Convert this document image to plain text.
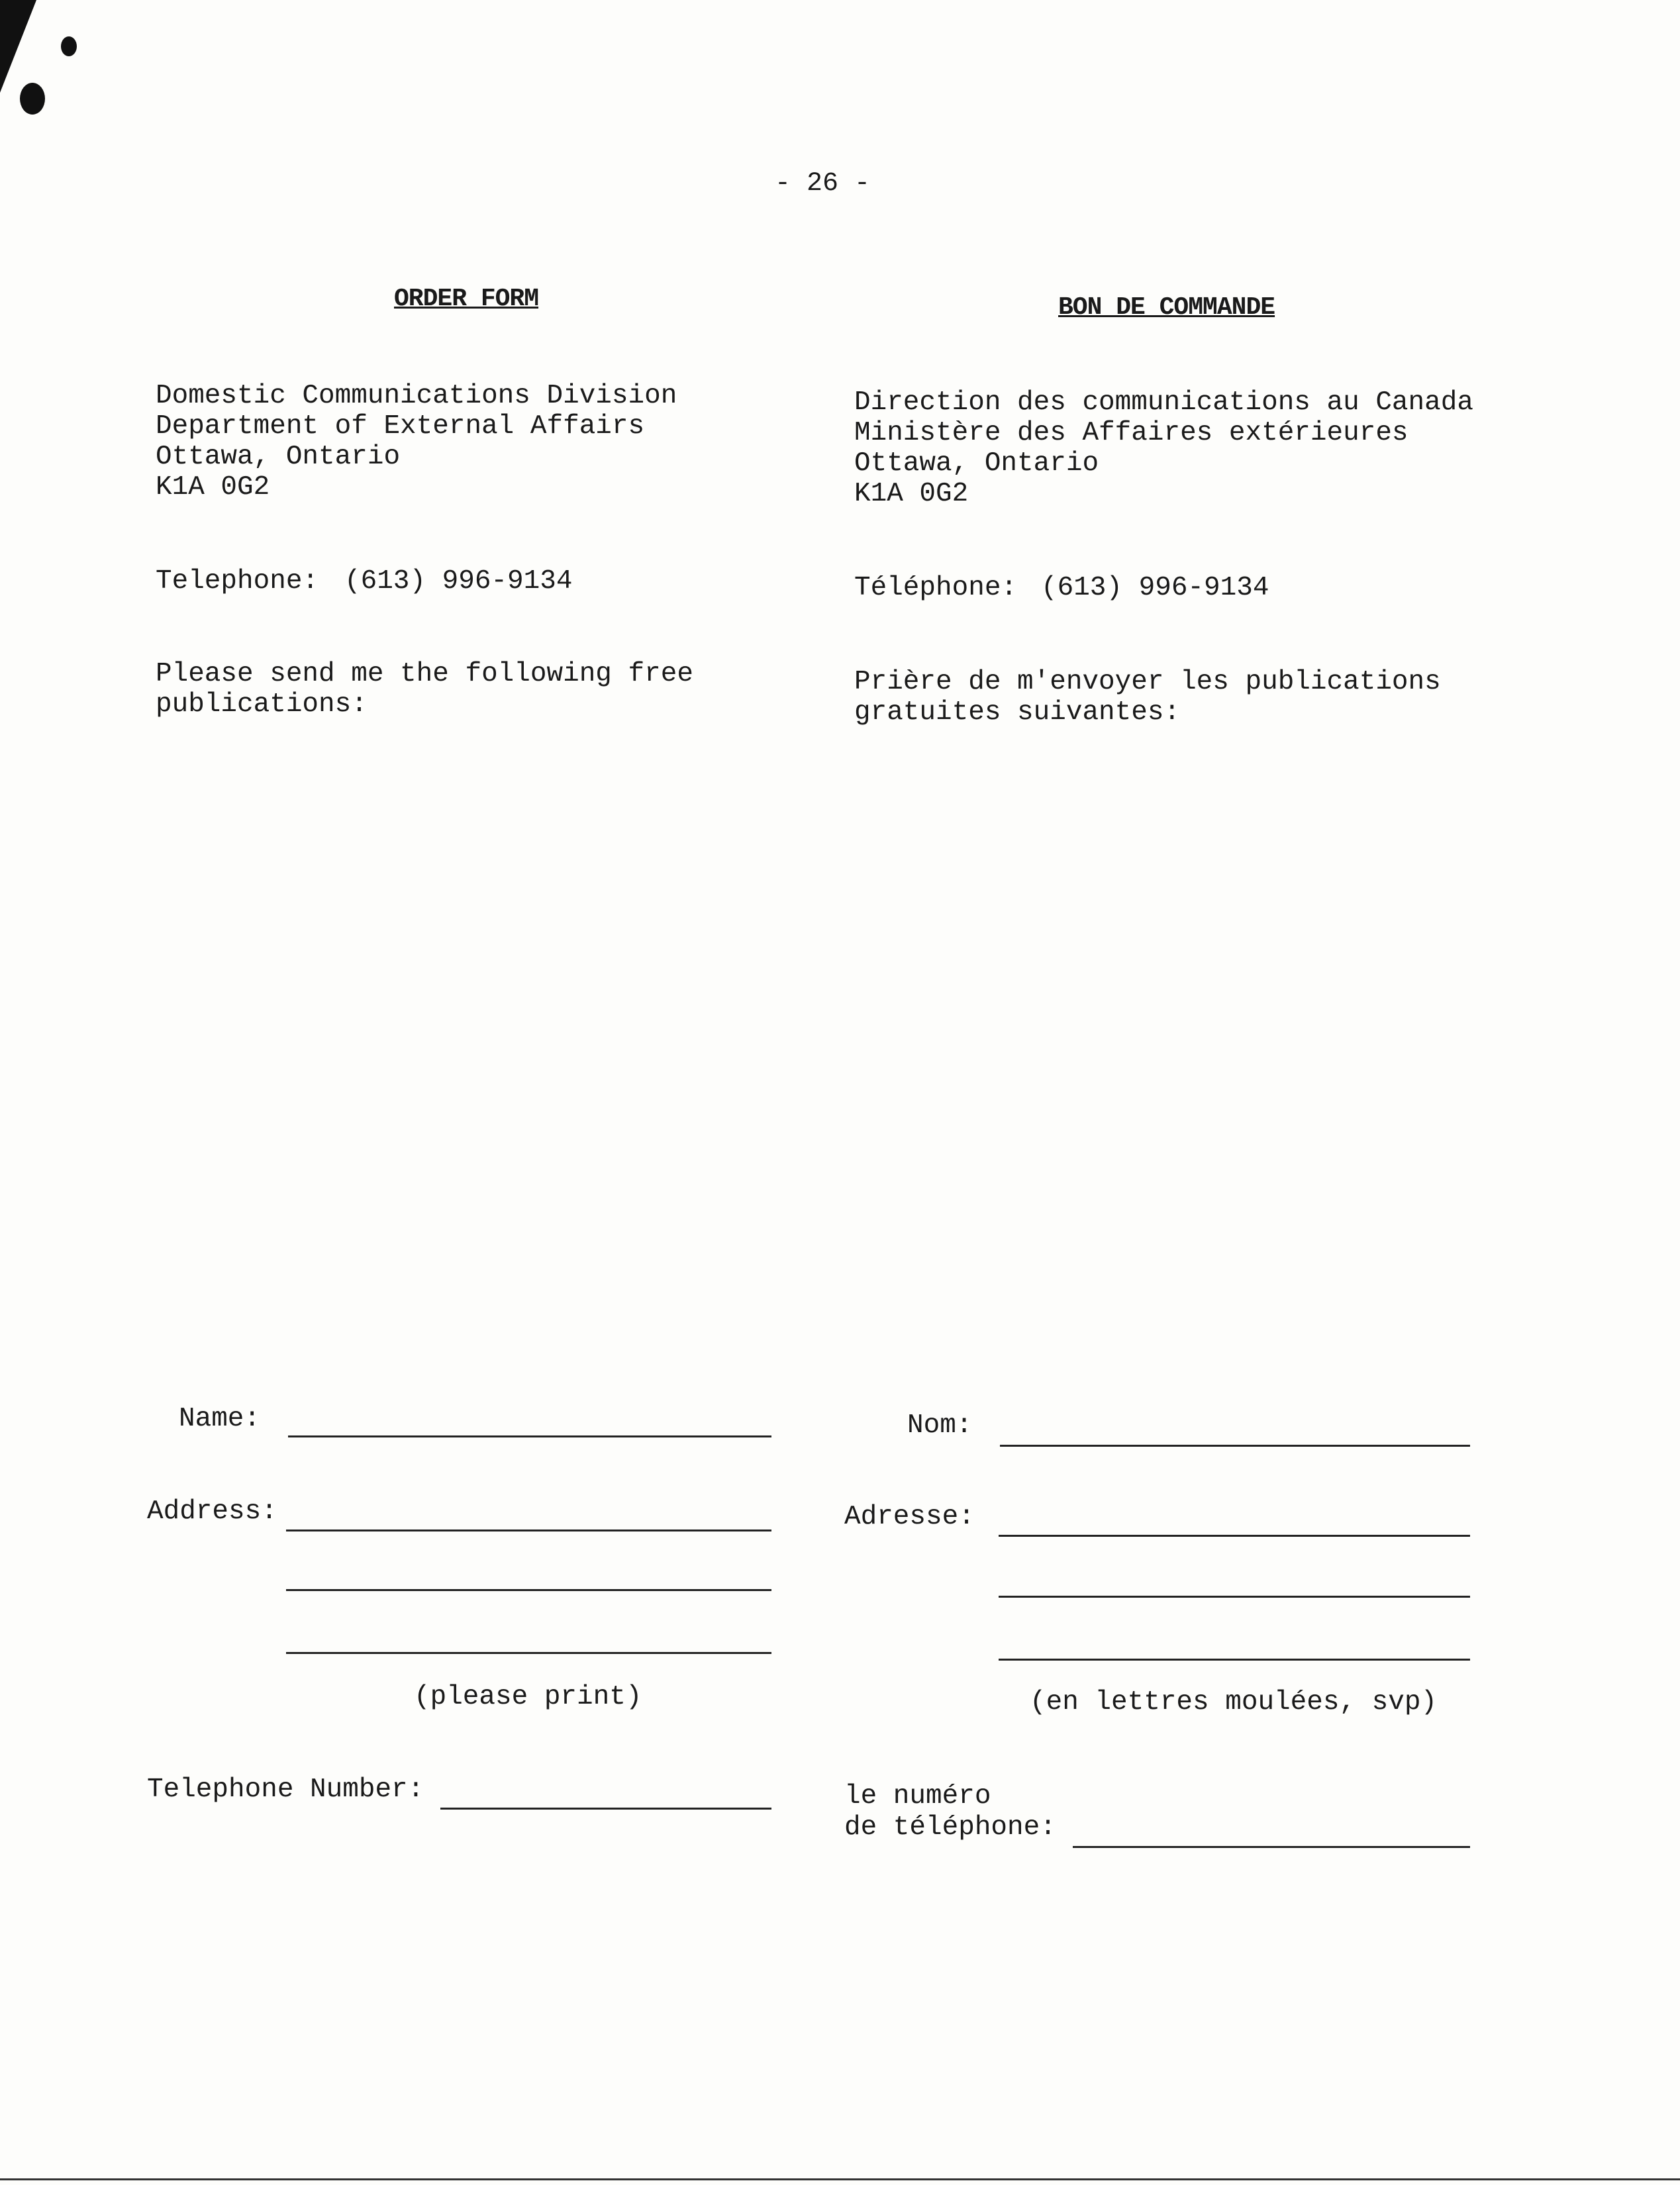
- 26 -
ORDER FORM
Domestic Communications Division
Department of External Affairs
Ottawa, Ontario
K1A 0G2
Telephone: (613) 996-9134
Please send me the following free
publications:
Name:
Address:
(please print)
Telephone Number:
BON DE COMMANDE
Direction des communications au Canada
Ministère des Affaires extérieures
Ottawa, Ontario
K1A 0G2
Téléphone: (613) 996-9134
Prière de m'envoyer les publications
gratuites suivantes:
Nom:
Adresse:
(en lettres moulées, svp)
le numéro
de téléphone:
